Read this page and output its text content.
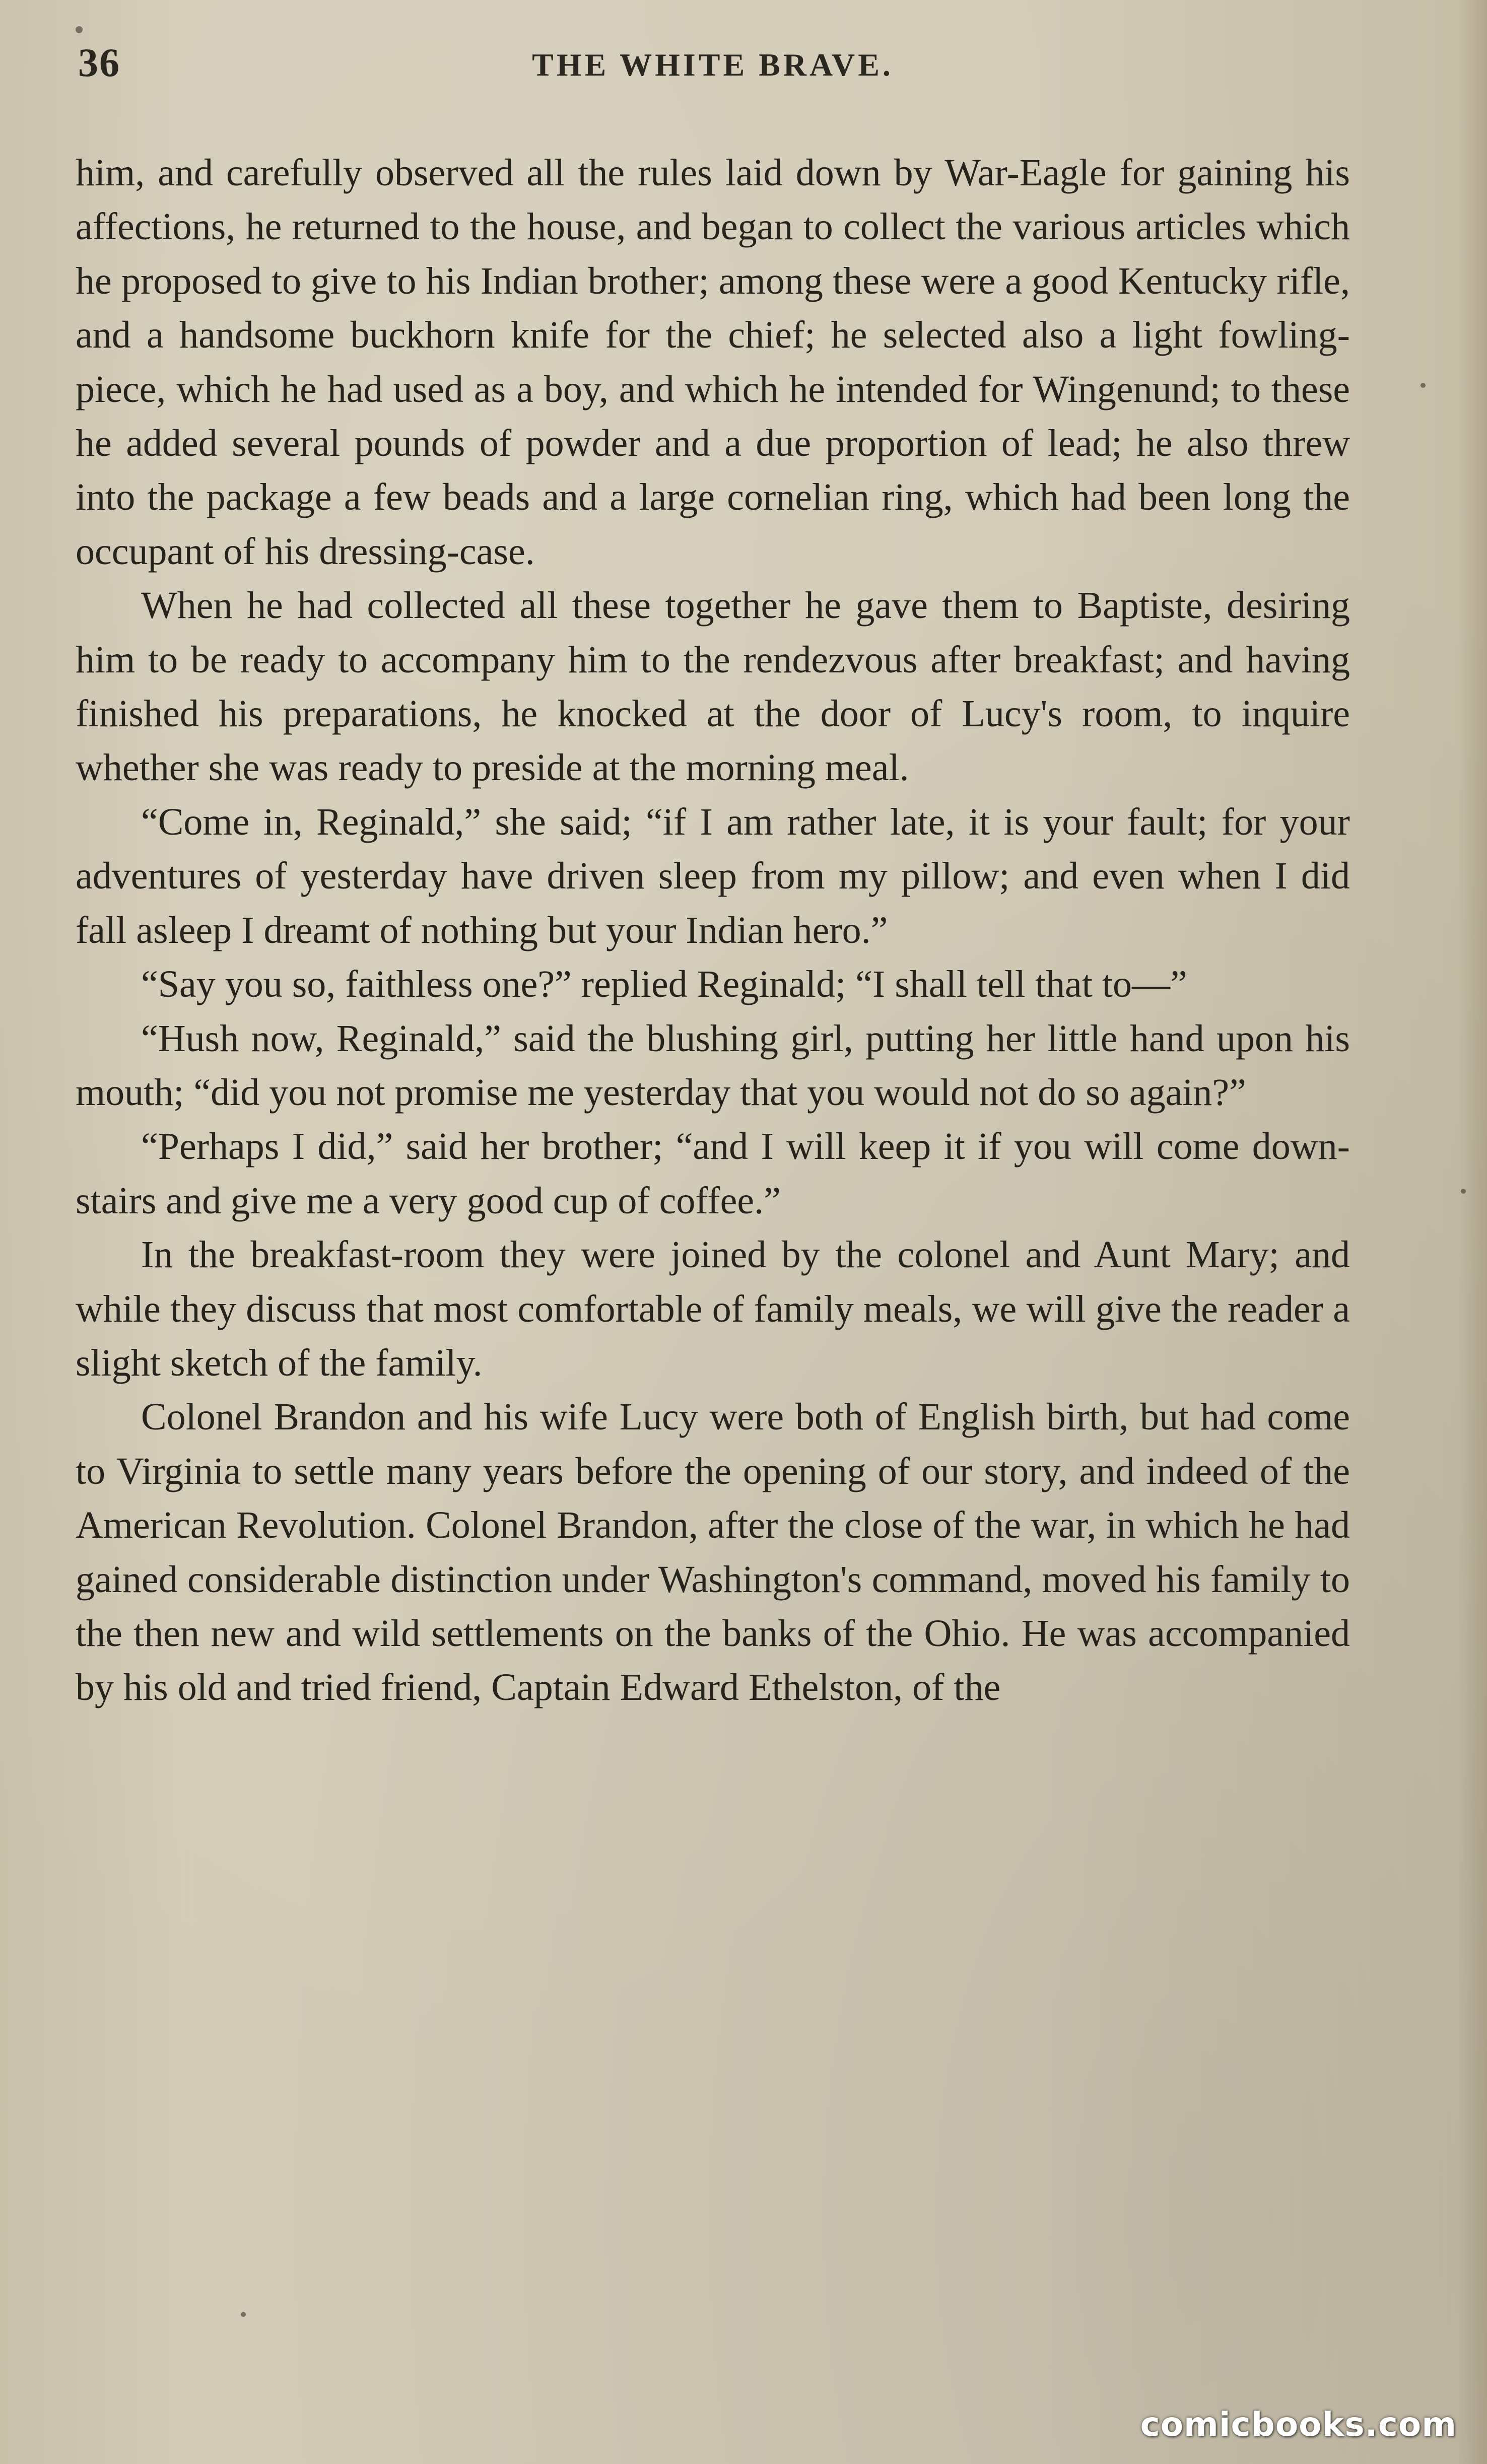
36	THE WHITE BRAVE.

him, and carefully observed all the rules laid down by War-Eagle for gaining his affections, he returned to the house, and began to collect the various articles which he proposed to give to his Indian brother; among these were a good Kentucky rifle, and a handsome buckhorn knife for the chief; he selected also a light fowling-piece, which he had used as a boy, and which he intended for Wingenund; to these he added several pounds of powder and a due proportion of lead; he also threw into the package a few beads and a large cornelian ring, which had been long the occupant of his dressing-case.

When he had collected all these together he gave them to Baptiste, desiring him to be ready to accompany him to the rendezvous after breakfast; and having finished his preparations, he knocked at the door of Lucy's room, to inquire whether she was ready to preside at the morning meal.

“Come in, Reginald,” she said; “if I am rather late, it is your fault; for your adventures of yesterday have driven sleep from my pillow; and even when I did fall asleep I dreamt of nothing but your Indian hero.”

“Say you so, faithless one?” replied Reginald; “I shall tell that to—”

“Hush now, Reginald,” said the blushing girl, putting her little hand upon his mouth; “did you not promise me yesterday that you would not do so again?”

“Perhaps I did,” said her brother; “and I will keep it if you will come down-stairs and give me a very good cup of coffee.”

In the breakfast-room they were joined by the colonel and Aunt Mary; and while they discuss that most comfortable of family meals, we will give the reader a slight sketch of the family.

Colonel Brandon and his wife Lucy were both of English birth, but had come to Virginia to settle many years before the opening of our story, and indeed of the American Revolution. Colonel Brandon, after the close of the war, in which he had gained considerable distinction under Washington's command, moved his family to the then new and wild settlements on the banks of the Ohio. He was accompanied by his old and tried friend, Captain Edward Ethelston, of the

comicbooks.com
